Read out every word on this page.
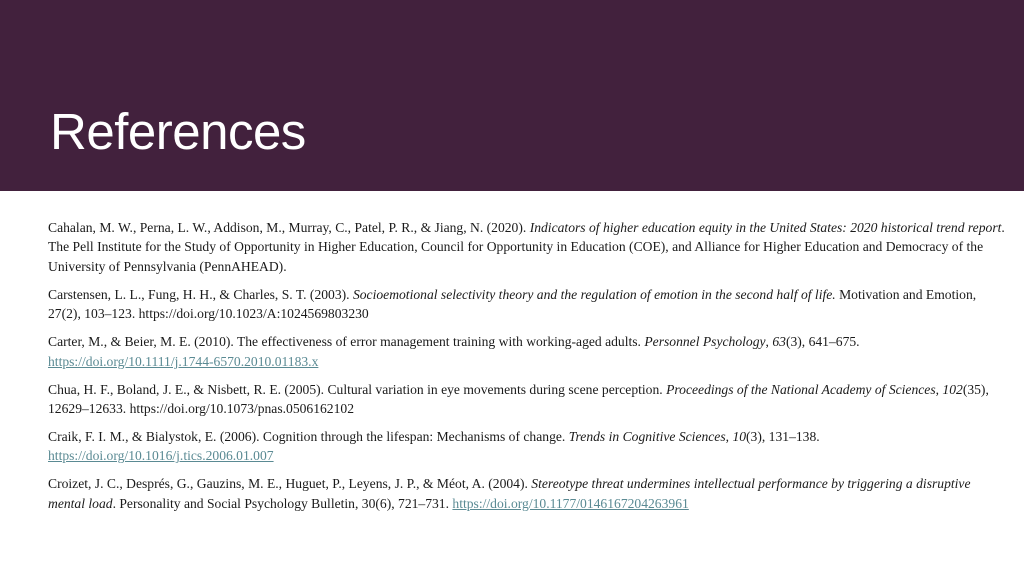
References

Cahalan, M. W., Perna, L. W., Addison, M., Murray, C., Patel, P. R., & Jiang, N. (2020). Indicators of higher education equity in the United States: 2020 historical trend report. The Pell Institute for the Study of Opportunity in Higher Education, Council for Opportunity in Education (COE), and Alliance for Higher Education and Democracy of the University of Pennsylvania (PennAHEAD).

Carstensen, L. L., Fung, H. H., & Charles, S. T. (2003). Socioemotional selectivity theory and the regulation of emotion in the second half of life. Motivation and Emotion, 27(2), 103–123. https://doi.org/10.1023/A:1024569803230

Carter, M., & Beier, M. E. (2010). The effectiveness of error management training with working-aged adults. Personnel Psychology, 63(3), 641–675. https://doi.org/10.1111/j.1744-6570.2010.01183.x

Chua, H. F., Boland, J. E., & Nisbett, R. E. (2005). Cultural variation in eye movements during scene perception. Proceedings of the National Academy of Sciences, 102(35), 12629–12633. https://doi.org/10.1073/pnas.0506162102

Craik, F. I. M., & Bialystok, E. (2006). Cognition through the lifespan: Mechanisms of change. Trends in Cognitive Sciences, 10(3), 131–138. https://doi.org/10.1016/j.tics.2006.01.007

Croizet, J. C., Després, G., Gauzins, M. E., Huguet, P., Leyens, J. P., & Méot, A. (2004). Stereotype threat undermines intellectual performance by triggering a disruptive mental load. Personality and Social Psychology Bulletin, 30(6), 721–731. https://doi.org/10.1177/0146167204263961
